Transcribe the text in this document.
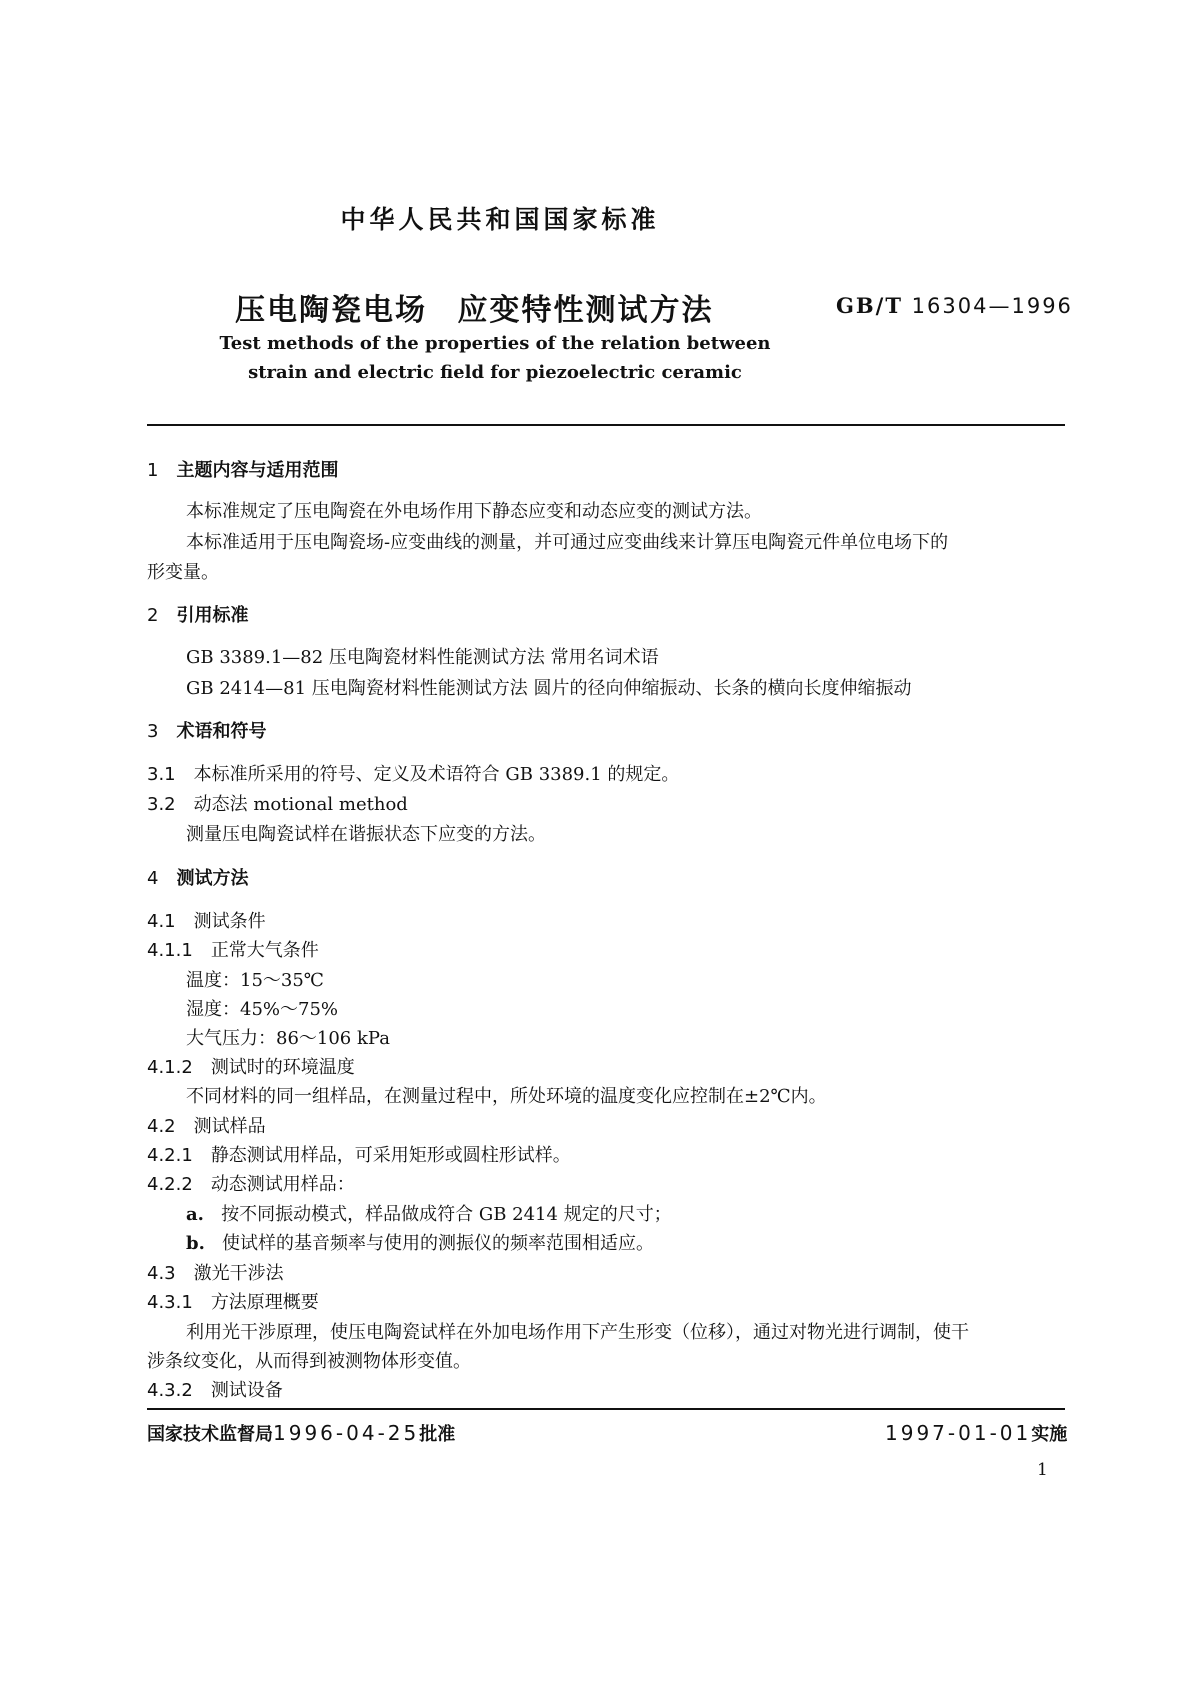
中华人民共和国国家标准
压电陶瓷电场 应变特性测试方法	GB/T 16304—1996
Test methods of the properties of the relation between
strain and electric field for piezoelectric ceramic
1 主题内容与适用范围
本标准规定了压电陶瓷在外电场作用下静态应变和动态应变的测试方法。
本标准适用于压电陶瓷场-应变曲线的测量，并可通过应变曲线来计算压电陶瓷元件单位电场下的
形变量。
2 引用标准
GB 3389.1—82 压电陶瓷材料性能测试方法 常用名词术语
GB 2414—81 压电陶瓷材料性能测试方法 圆片的径向伸缩振动、长条的横向长度伸缩振动
3 术语和符号
3.1 本标准所采用的符号、定义及术语符合 GB 3389.1 的规定。
3.2 动态法 motional method
测量压电陶瓷试样在谐振状态下应变的方法。
4 测试方法
4.1 测试条件
4.1.1 正常大气条件
温度：15～35℃
湿度：45%～75%
大气压力：86～106 kPa
4.1.2 测试时的环境温度
不同材料的同一组样品，在测量过程中，所处环境的温度变化应控制在±2℃内。
4.2 测试样品
4.2.1 静态测试用样品，可采用矩形或圆柱形试样。
4.2.2 动态测试用样品：
a. 按不同振动模式，样品做成符合 GB 2414 规定的尺寸；
b. 使试样的基音频率与使用的测振仪的频率范围相适应。
4.3 激光干涉法
4.3.1 方法原理概要
利用光干涉原理，使压电陶瓷试样在外加电场作用下产生形变（位移），通过对物光进行调制，使干
涉条纹变化，从而得到被测物体形变值。
4.3.2 测试设备
国家技术监督局1996-04-25批准	1997-01-01实施
1
